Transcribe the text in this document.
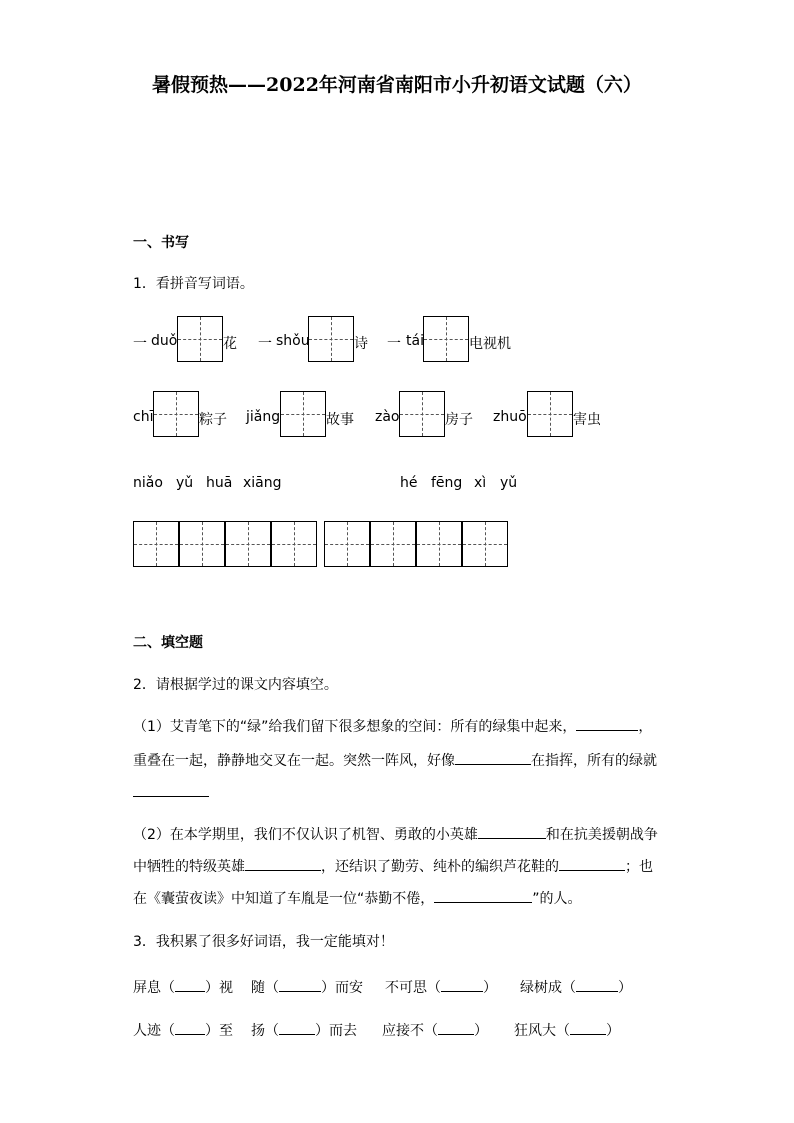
暑假预热——2022年河南省南阳市小升初语文试题（六）
一、书写
1．看拼音写词语。
一 duǒ	花 一 shǒu	诗 一 tái	电视机
chī	粽子 jiǎng	故事 zào	房子 zhuō	害虫
niǎo yǔ huā xiāng	hé fēng xì yǔ
二、填空题
2．请根据学过的课文内容填空。
（1）艾青笔下的“绿”给我们留下很多想象的空间：所有的绿集中起来，	，
重叠在一起，静静地交叉在一起。突然一阵风，好像	在指挥，所有的绿就
（2）在本学期里，我们不仅认识了机智、勇敢的小英雄	和在抗美援朝战争
中牺牲的特级英雄	，还结识了勤劳、纯朴的编织芦花鞋的	；也
在《囊萤夜读》中知道了车胤是一位“恭勤不倦，	”的人。
3．我积累了很多好词语，我一定能填对！
屏息（ ）视 随（	）而安 不可思（	） 绿树成（	）
人迹（ ）至 扬（	）而去 应接不（	） 狂风大（	）
